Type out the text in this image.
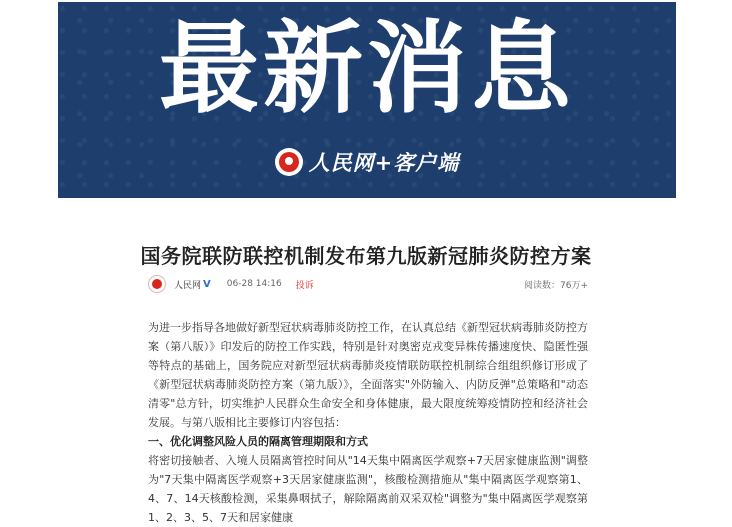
最新消息
人民网+客户端
国务院联防联控机制发布第九版新冠肺炎防控方案
人民网 V 06-28 14:16 投诉	阅读数：76万+

为进一步指导各地做好新型冠状病毒肺炎防控工作，在认真总结《新型冠状病毒肺炎防控方案（第八版）》印发后的防控工作实践，特别是针对奥密克戎变异株传播速度快、隐匿性强等特点的基础上，国务院应对新型冠状病毒肺炎疫情联防联控机制综合组组织修订形成了《新型冠状病毒肺炎防控方案（第九版）》，全面落实"外防输入、内防反弹"总策略和"动态清零"总方针，切实维护人民群众生命安全和身体健康，最大限度统筹疫情防控和经济社会发展。与第八版相比主要修订内容包括：

一、优化调整风险人员的隔离管理期限和方式

将密切接触者、入境人员隔离管控时间从"14天集中隔离医学观察+7天居家健康监测"调整为"7天集中隔离医学观察+3天居家健康监测"，核酸检测措施从"集中隔离医学观察第1、4、7、14天核酸检测，采集鼻咽拭子，解除隔离前双采双检"调整为"集中隔离医学观察第1、2、3、5、7天和居家健康
